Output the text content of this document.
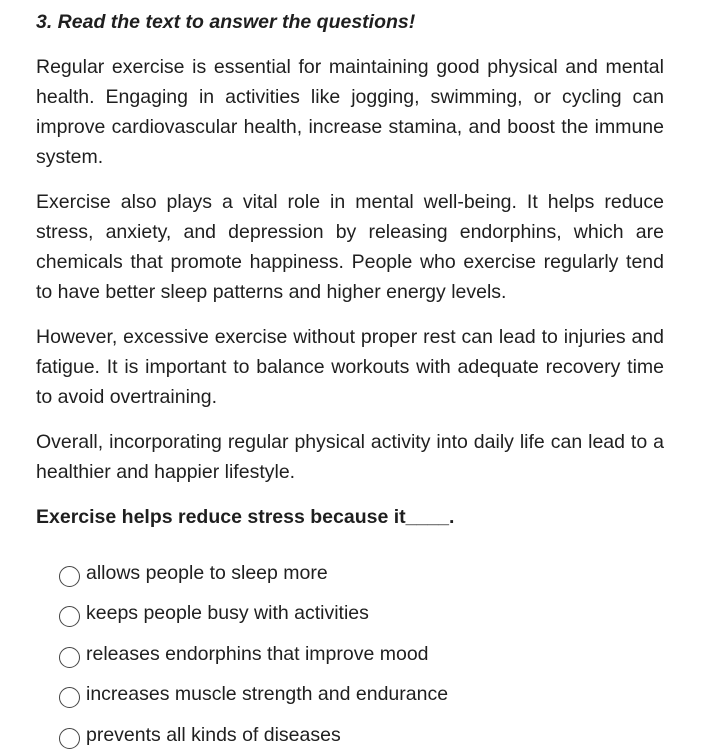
3. Read the text to answer the questions!

Regular exercise is essential for maintaining good physical and mental health. Engaging in activities like jogging, swimming, or cycling can improve cardiovascular health, increase stamina, and boost the immune system.

Exercise also plays a vital role in mental well-being. It helps reduce stress, anxiety, and depression by releasing endorphins, which are chemicals that promote happiness. People who exercise regularly tend to have better sleep patterns and higher energy levels.

However, excessive exercise without proper rest can lead to injuries and fatigue. It is important to balance workouts with adequate recovery time to avoid overtraining.

Overall, incorporating regular physical activity into daily life can lead to a healthier and happier lifestyle.

Exercise helps reduce stress because it____.
allows people to sleep more
keeps people busy with activities
releases endorphins that improve mood
increases muscle strength and endurance
prevents all kinds of diseases
